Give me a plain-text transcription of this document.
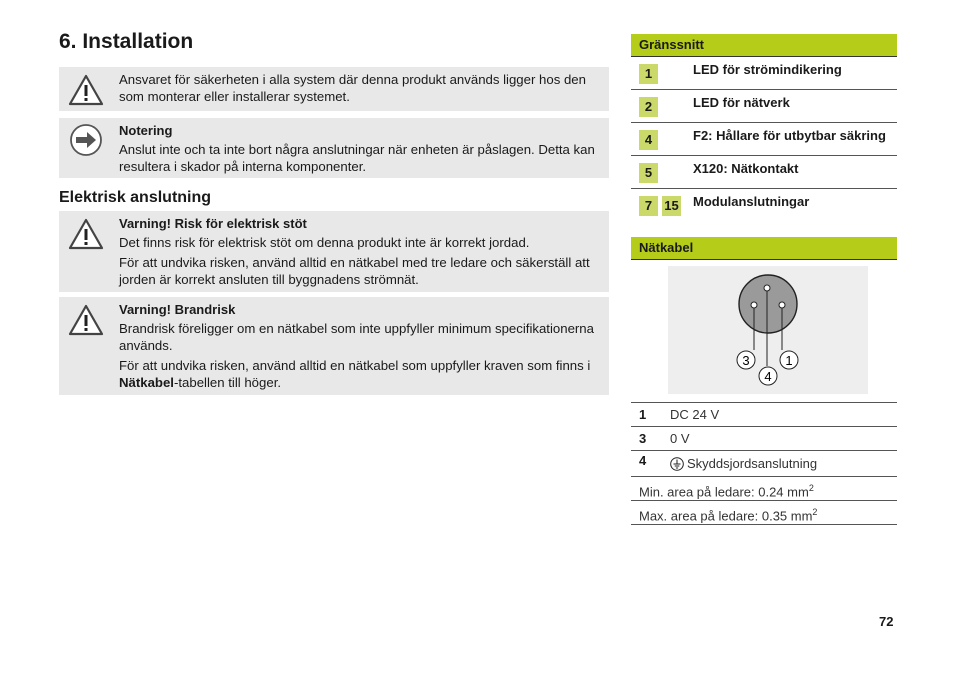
6. Installation

Ansvaret för säkerheten i alla system där denna produkt används ligger hos den som monterar eller installerar systemet.

Notering

Anslut inte och ta inte bort några anslutningar när enheten är påslagen. Detta kan resultera i skador på interna komponenter.

Elektrisk anslutning

Varning! Risk för elektrisk stöt

Det finns risk för elektrisk stöt om denna produkt inte är korrekt jordad.

För att undvika risken, använd alltid en nätkabel med tre ledare och säkerställ att jorden är korrekt ansluten till byggnadens strömnät.

Varning! Brandrisk

Brandrisk föreligger om en nätkabel som inte uppfyller minimum specifikationerna används.

För att undvika risken, använd alltid en nätkabel som uppfyller kraven som finns i Nätkabel-tabellen till höger.

Gränssnitt
1	LED för strömindikering
2	LED för nätverk
4	F2: Hållare för utbytbar säkring
5	X120: Nätkontakt
7 15 Modulanslutningar
Nätkabel
3
4
1
1 DC 24 V
3 0 V
4	Skyddsjordsanslutning
Min. area på ledare: 0.24 $mm^2$
Max. area på ledare: 0.35 $mm^2$
72
